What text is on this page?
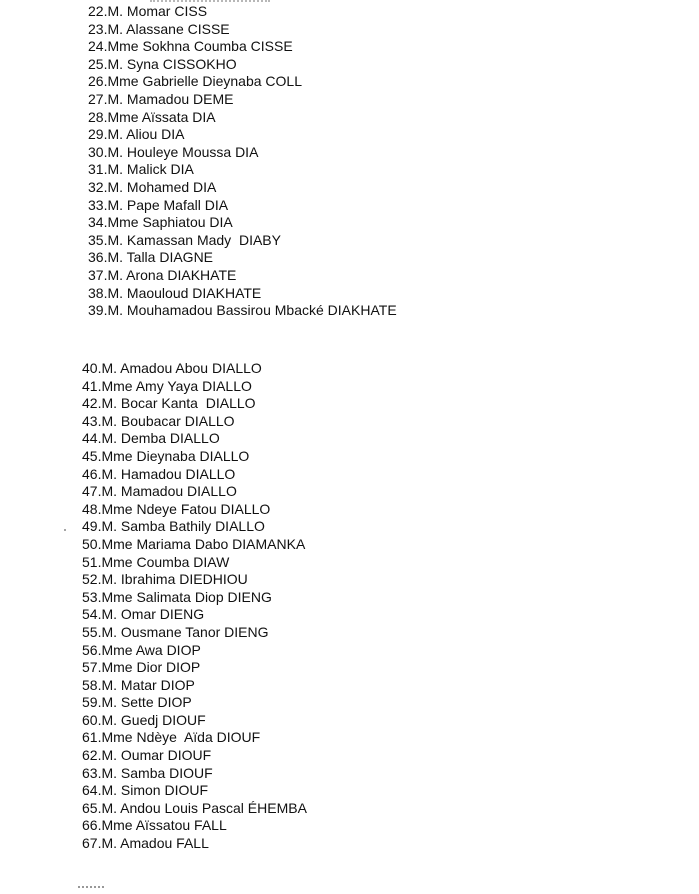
22.M. Momar CISS
23.M. Alassane CISSE
24.Mme Sokhna Coumba CISSE
25.M. Syna CISSOKHO
26.Mme Gabrielle Dieynaba COLL
27.M. Mamadou DEME
28.Mme Aïssata DIA
29.M. Aliou DIA
30.M. Houleye Moussa DIA
31.M. Malick DIA
32.M. Mohamed DIA
33.M. Pape Mafall DIA
34.Mme Saphiatou DIA
35.M. Kamassan Mady  DIABY
36.M. Talla DIAGNE
37.M. Arona DIAKHATE
38.M. Maouloud DIAKHATE
39.M. Mouhamadou Bassirou Mbacké DIAKHATE
40.M. Amadou Abou DIALLO
41.Mme Amy Yaya DIALLO
42.M. Bocar Kanta  DIALLO
43.M. Boubacar DIALLO
44.M. Demba DIALLO
45.Mme Dieynaba DIALLO
46.M. Hamadou DIALLO
47.M. Mamadou DIALLO
48.Mme Ndeye Fatou DIALLO
49.M. Samba Bathily DIALLO
50.Mme Mariama Dabo DIAMANKA
51.Mme Coumba DIAW
52.M. Ibrahima DIEDHIOU
53.Mme Salimata Diop DIENG
54.M. Omar DIENG
55.M. Ousmane Tanor DIENG
56.Mme Awa DIOP
57.Mme Dior DIOP
58.M. Matar DIOP
59.M. Sette DIOP
60.M. Guedj DIOUF
61.Mme Ndèye  Aïda DIOUF
62.M. Oumar DIOUF
63.M. Samba DIOUF
64.M. Simon DIOUF
65.M. Andou Louis Pascal ÉHEMBA
66.Mme Aïssatou FALL
67.M. Amadou FALL
